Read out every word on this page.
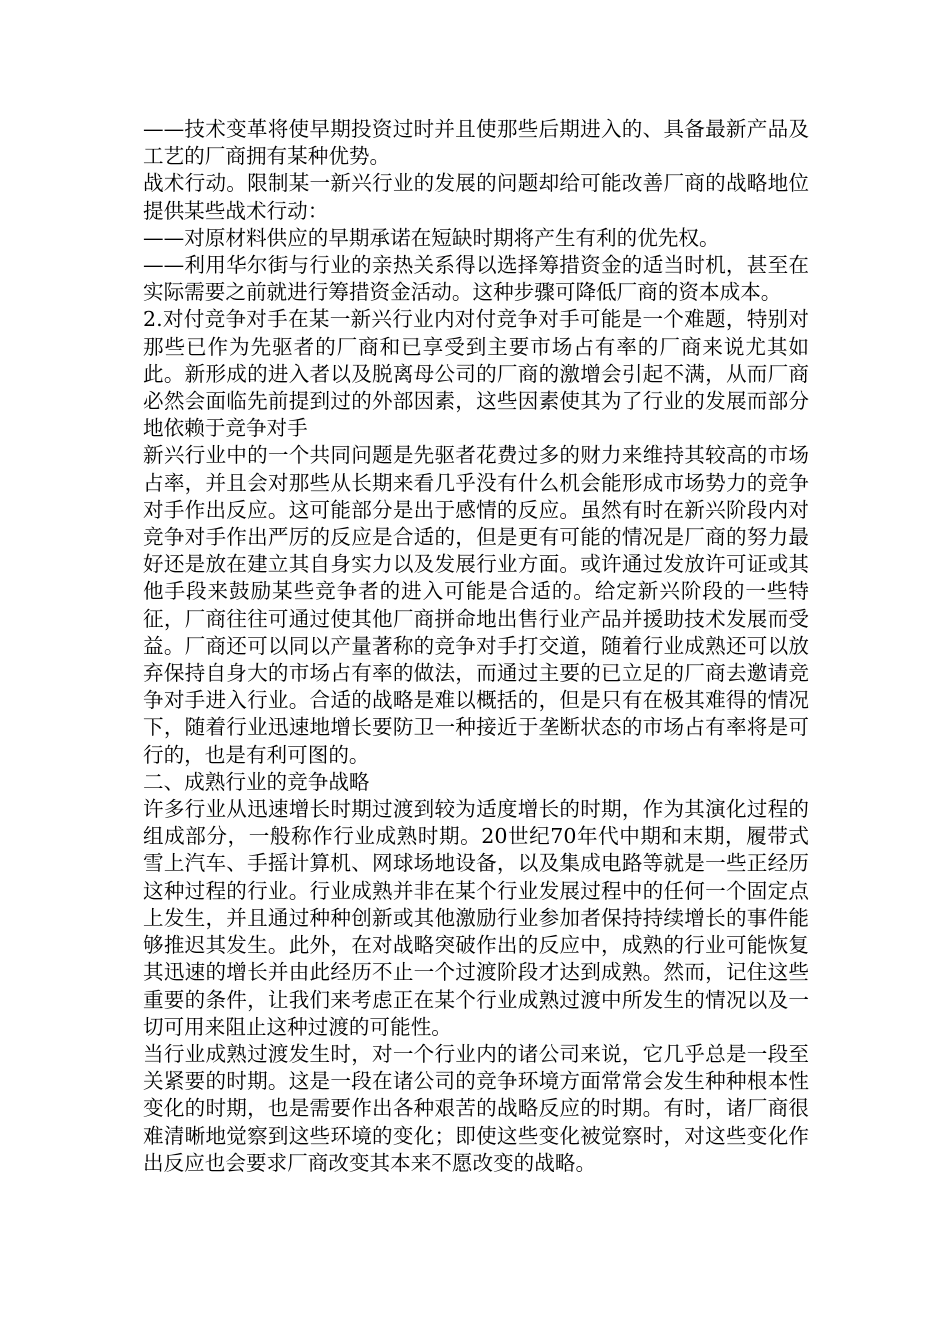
——技术变革将使早期投资过时并且使那些后期进入的、具备最新产品及工艺的厂商拥有某种优势。

战术行动。限制某一新兴行业的发展的问题却给可能改善厂商的战略地位提供某些战术行动：

——对原材料供应的早期承诺在短缺时期将产生有利的优先权。

——利用华尔街与行业的亲热关系得以选择筹措资金的适当时机，甚至在实际需要之前就进行筹措资金活动。这种步骤可降低厂商的资本成本。

2.对付竞争对手在某一新兴行业内对付竞争对手可能是一个难题，特别对那些已作为先驱者的厂商和已享受到主要市场占有率的厂商来说尤其如此。新形成的进入者以及脱离母公司的厂商的激增会引起不满，从而厂商必然会面临先前提到过的外部因素，这些因素使其为了行业的发展而部分地依赖于竞争对手

新兴行业中的一个共同问题是先驱者花费过多的财力来维持其较高的市场占率，并且会对那些从长期来看几乎没有什么机会能形成市场势力的竞争对手作出反应。这可能部分是出于感情的反应。虽然有时在新兴阶段内对竞争对手作出严厉的反应是合适的，但是更有可能的情况是厂商的努力最好还是放在建立其自身实力以及发展行业方面。或许通过发放许可证或其他手段来鼓励某些竞争者的进入可能是合适的。给定新兴阶段的一些特征，厂商往往可通过使其他厂商拼命地出售行业产品并援助技术发展而受益。厂商还可以同以产量著称的竞争对手打交道，随着行业成熟还可以放弃保持自身大的市场占有率的做法，而通过主要的已立足的厂商去邀请竞争对手进入行业。合适的战略是难以概括的，但是只有在极其难得的情况下，随着行业迅速地增长要防卫一种接近于垄断状态的市场占有率将是可行的，也是有利可图的。

二、成熟行业的竞争战略

许多行业从迅速增长时期过渡到较为适度增长的时期，作为其演化过程的组成部分，一般称作行业成熟时期。20世纪70年代中期和末期，履带式雪上汽车、手摇计算机、网球场地设备，以及集成电路等就是一些正经历这种过程的行业。行业成熟并非在某个行业发展过程中的任何一个固定点上发生，并且通过种种创新或其他激励行业参加者保持持续增长的事件能够推迟其发生。此外，在对战略突破作出的反应中，成熟的行业可能恢复其迅速的增长并由此经历不止一个过渡阶段才达到成熟。然而，记住这些重要的条件，让我们来考虑正在某个行业成熟过渡中所发生的情况以及一切可用来阻止这种过渡的可能性。

当行业成熟过渡发生时，对一个行业内的诸公司来说，它几乎总是一段至关紧要的时期。这是一段在诸公司的竞争环境方面常常会发生种种根本性变化的时期，也是需要作出各种艰苦的战略反应的时期。有时，诸厂商很难清晰地觉察到这些环境的变化；即使这些变化被觉察时，对这些变化作出反应也会要求厂商改变其本来不愿改变的战略。
